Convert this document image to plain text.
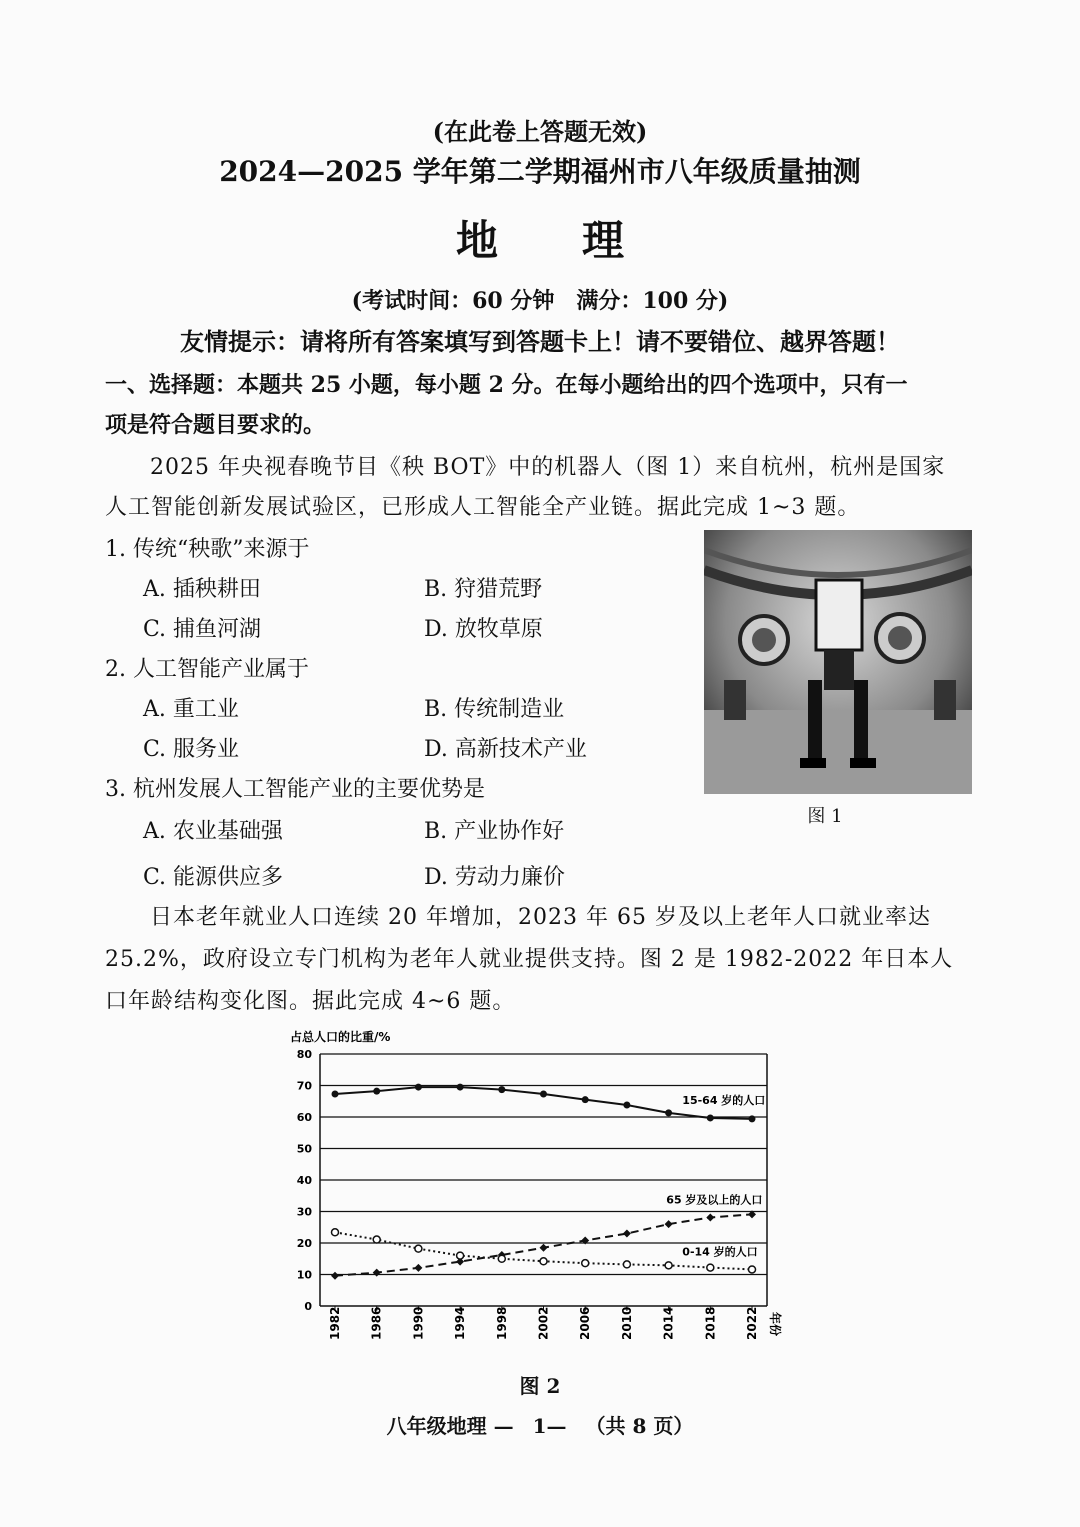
(在此卷上答题无效)
2024—2025 学年第二学期福州市八年级质量抽测
地　　理
(考试时间：60 分钟　满分：100 分)
友情提示：请将所有答案填写到答题卡上！请不要错位、越界答题！
一、选择题：本题共 25 小题，每小题 2 分。在每小题给出的四个选项中，只有一
项是符合题目要求的。
2025 年央视春晚节目《秧 BOT》中的机器人（图 1）来自杭州，杭州是国家
人工智能创新发展试验区，已形成人工智能全产业链。据此完成 1~3 题。
1. 传统“秧歌”来源于
A. 插秧耕田	B. 狩猎荒野
C. 捕鱼河湖	D. 放牧草原
2. 人工智能产业属于
A. 重工业	B. 传统制造业
C. 服务业	D. 高新技术产业
3. 杭州发展人工智能产业的主要优势是
A. 农业基础强	B. 产业协作好
C. 能源供应多	D. 劳动力廉价
图 1
日本老年就业人口连续 20 年增加，2023 年 65 岁及以上老年人口就业率达
25.2%，政府设立专门机构为老年人就业提供支持。图 2 是 1982-2022 年日本人
口年龄结构变化图。据此完成 4~6 题。
占总人口的比重/%
0
10
20
30
40
50
60
70
80
1982 1986 1990 1994 1998 2002 2006 2010 2014 2018 2022 年份
15-64 岁的人口
65 岁及以上的人口
0-14 岁的人口
图 2
八年级地理 — 1— （共 8 页）
